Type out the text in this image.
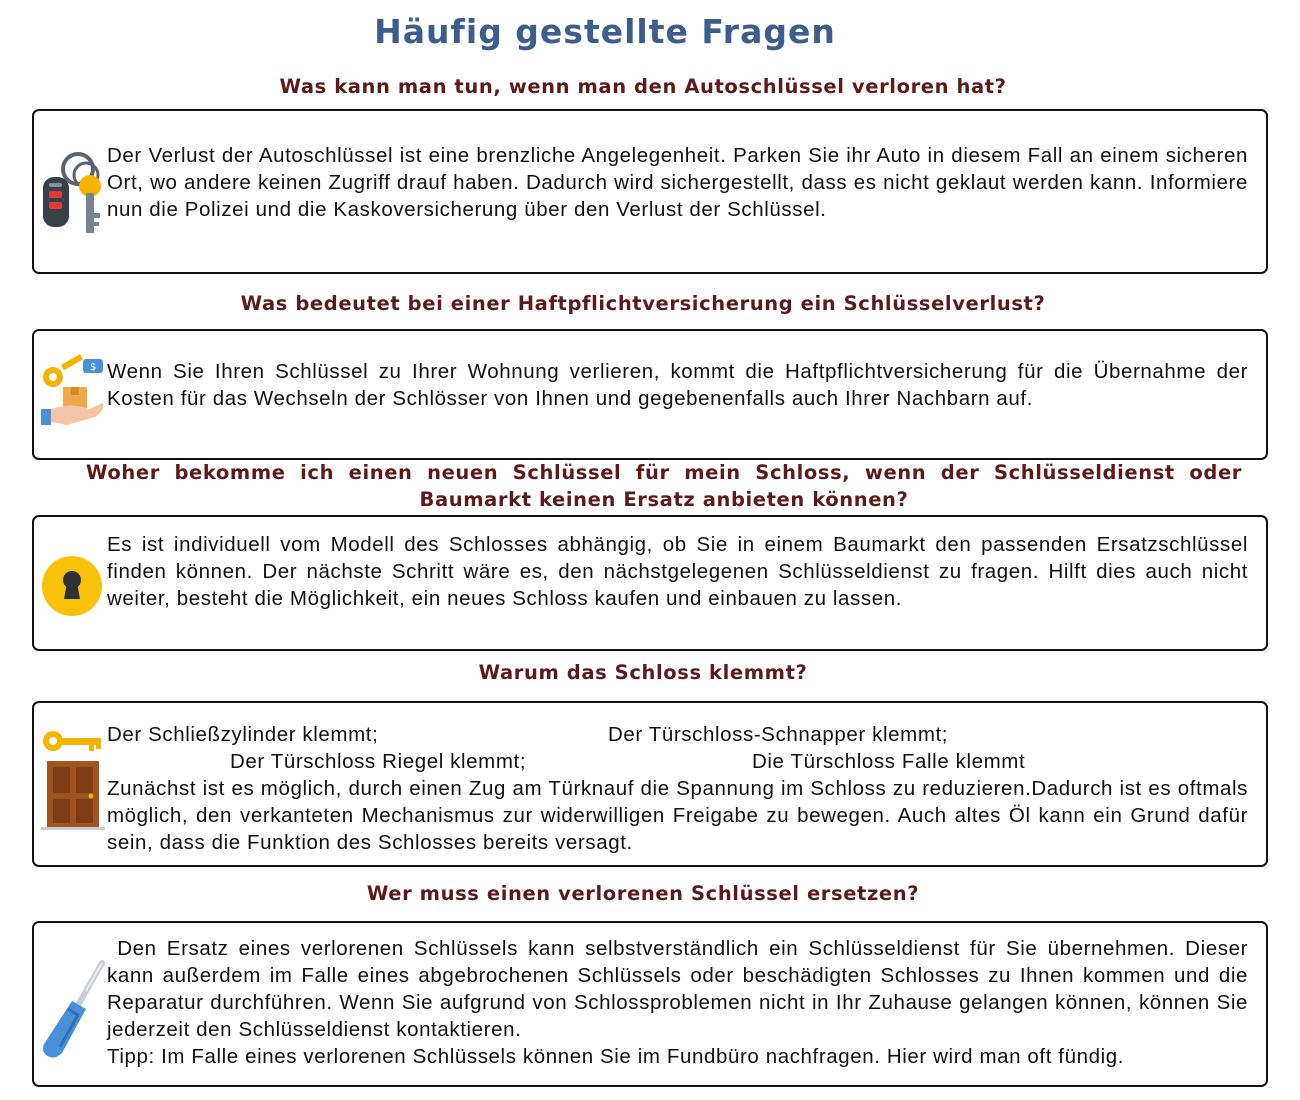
Häufig gestellte Fragen
Was kann man tun, wenn man den Autoschlüssel verloren hat?
Der Verlust der Autoschlüssel ist eine brenzliche Angelegenheit. Parken Sie ihr Auto in diesem Fall an einem sicheren Ort, wo andere keinen Zugriff drauf haben. Dadurch wird sichergestellt, dass es nicht geklaut werden kann. Informiere nun die Polizei und die Kaskoversicherung über den Verlust der Schlüssel.
Was bedeutet bei einer Haftpflichtversicherung ein Schlüsselverlust?
$ Wenn Sie Ihren Schlüssel zu Ihrer Wohnung verlieren, kommt die Haftpflichtversicherung für die Übernahme der Kosten für das Wechseln der Schlösser von Ihnen und gegebenenfalls auch Ihrer Nachbarn auf.
Woher bekomme ich einen neuen Schlüssel für mein Schloss, wenn der Schlüsseldienst oder Baumarkt keinen Ersatz anbieten können?
Es ist individuell vom Modell des Schlosses abhängig, ob Sie in einem Baumarkt den passenden Ersatzschlüssel finden können. Der nächste Schritt wäre es, den nächstgelegenen Schlüsseldienst zu fragen. Hilft dies auch nicht weiter, besteht die Möglichkeit, ein neues Schloss kaufen und einbauen zu lassen.
Warum das Schloss klemmt?
Der Schließzylinder klemmt;	Der Türschloss-Schnapper klemmt;
Der Türschloss Riegel klemmt;	Die Türschloss Falle klemmt

Zunächst ist es möglich, durch einen Zug am Türknauf die Spannung im Schloss zu reduzieren.Dadurch ist es oftmals möglich, den verkanteten Mechanismus zur widerwilligen Freigabe zu bewegen. Auch altes Öl kann ein Grund dafür sein, dass die Funktion des Schlosses bereits versagt.

Wer muss einen verlorenen Schlüssel ersetzen?

Den Ersatz eines verlorenen Schlüssels kann selbstverständlich ein Schlüsseldienst für Sie übernehmen. Dieser kann außerdem im Falle eines abgebrochenen Schlüssels oder beschädigten Schlosses zu Ihnen kommen und die Reparatur durchführen. Wenn Sie aufgrund von Schlossproblemen nicht in Ihr Zuhause gelangen können, können Sie jederzeit den Schlüsseldienst kontaktieren.

Tipp: Im Falle eines verlorenen Schlüssels können Sie im Fundbüro nachfragen. Hier wird man oft fündig.
